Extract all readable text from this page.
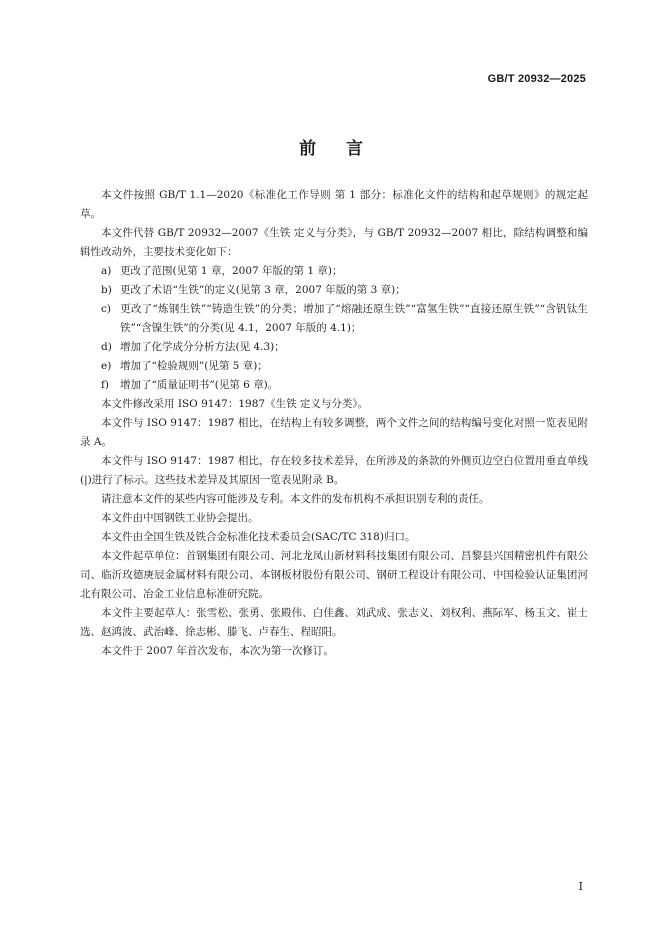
GB/T 20932—2025
前言

本文件按照 GB/T 1.1—2020《标准化工作导则 第 1 部分：标准化文件的结构和起草规则》的规定起草。

本文件代替 GB/T 20932—2007《生铁 定义与分类》，与 GB/T 20932—2007 相比，除结构调整和编辑性改动外，主要技术变化如下：

a) 更改了范围(见第 1 章，2007 年版的第 1 章)；

b) 更改了术语“生铁”的定义(见第 3 章，2007 年版的第 3 章)；

c) 更改了“炼钢生铁”“铸造生铁”的分类；增加了“熔融还原生铁”“富氢生铁”“直接还原生铁”“含钒钛生铁”“含镍生铁”的分类(见 4.1，2007 年版的 4.1)；

d) 增加了化学成分分析方法(见 4.3)；

e) 增加了“检验规则”(见第 5 章)；

f) 增加了“质量证明书”(见第 6 章)。

本文件修改采用 ISO 9147：1987《生铁 定义与分类》。

本文件与 ISO 9147：1987 相比，在结构上有较多调整，两个文件之间的结构编号变化对照一览表见附录 A。

本文件与 ISO 9147：1987 相比，存在较多技术差异，在所涉及的条款的外侧页边空白位置用垂直单线(|)进行了标示。这些技术差异及其原因一览表见附录 B。

请注意本文件的某些内容可能涉及专利。本文件的发布机构不承担识别专利的责任。

本文件由中国钢铁工业协会提出。

本文件由全国生铁及铁合金标准化技术委员会(SAC/TC 318)归口。

本文件起草单位：首钢集团有限公司、河北龙凤山新材料科技集团有限公司、昌黎县兴国精密机件有限公司、临沂玫德庚辰金属材料有限公司、本钢板材股份有限公司、钢研工程设计有限公司、中国检验认证集团河北有限公司、冶金工业信息标准研究院。

本文件主要起草人：张雪松、张勇、张殿伟、白佳鑫、刘武成、张志义、刘权利、燕际军、杨玉文、崔士选、赵鸿波、武治峰、徐志彬、滕飞、卢春生、程昭阳。

本文件于 2007 年首次发布，本次为第一次修订。

I
